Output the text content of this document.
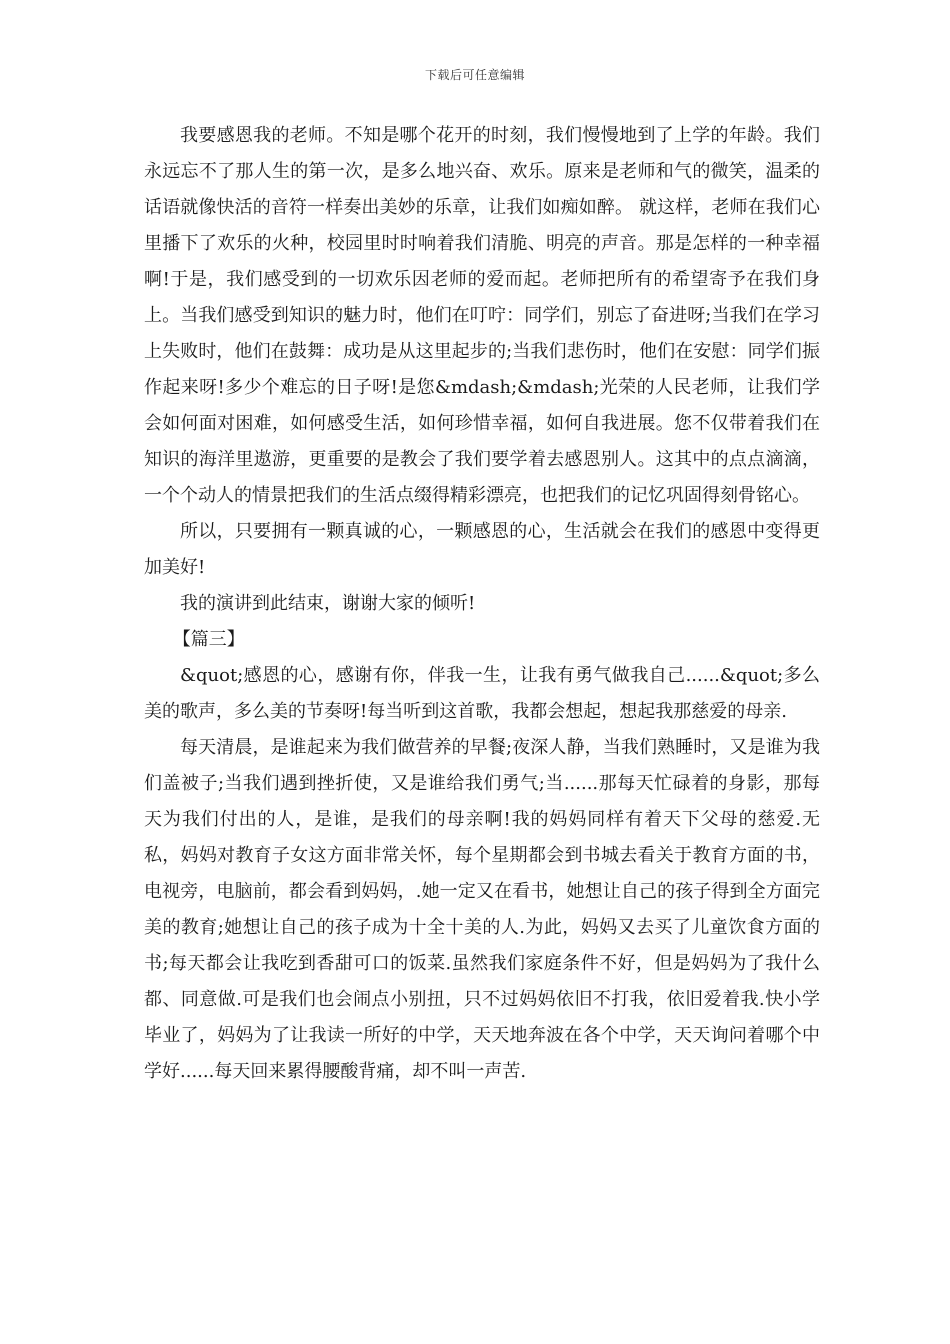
下载后可任意编辑

我要感恩我的老师。不知是哪个花开的时刻，我们慢慢地到了上学的年龄。我们永远忘不了那人生的第一次，是多么地兴奋、欢乐。原来是老师和气的微笑，温柔的话语就像快活的音符一样奏出美妙的乐章，让我们如痴如醉。 就这样，老师在我们心里播下了欢乐的火种，校园里时时响着我们清脆、明亮的声音。那是怎样的一种幸福啊!于是，我们感受到的一切欢乐因老师的爱而起。老师把所有的希望寄予在我们身上。当我们感受到知识的魅力时，他们在叮咛：同学们，别忘了奋进呀;当我们在学习上失败时，他们在鼓舞：成功是从这里起步的;当我们悲伤时，他们在安慰：同学们振作起来呀!多少个难忘的日子呀!是您&mdash;&mdash;光荣的人民老师，让我们学会如何面对困难，如何感受生活，如何珍惜幸福，如何自我进展。您不仅带着我们在知识的海洋里遨游，更重要的是教会了我们要学着去感恩别人。这其中的点点滴滴，一个个动人的情景把我们的生活点缀得精彩漂亮，也把我们的记忆巩固得刻骨铭心。

所以，只要拥有一颗真诚的心，一颗感恩的心，生活就会在我们的感恩中变得更加美好!

我的演讲到此结束，谢谢大家的倾听!

【篇三】

&quot;感恩的心，感谢有你，伴我一生，让我有勇气做我自己......&quot;多么美的歌声，多么美的节奏呀!每当听到这首歌，我都会想起，想起我那慈爱的母亲.

每天清晨，是谁起来为我们做营养的早餐;夜深人静，当我们熟睡时，又是谁为我们盖被子;当我们遇到挫折使，又是谁给我们勇气;当......那每天忙碌着的身影，那每天为我们付出的人，是谁，是我们的母亲啊!我的妈妈同样有着天下父母的慈爱.无私，妈妈对教育子女这方面非常关怀，每个星期都会到书城去看关于教育方面的书，电视旁，电脑前，都会看到妈妈，.她一定又在看书，她想让自己的孩子得到全方面完美的教育;她想让自己的孩子成为十全十美的人.为此，妈妈又去买了儿童饮食方面的书;每天都会让我吃到香甜可口的饭菜.虽然我们家庭条件不好，但是妈妈为了我什么都、同意做.可是我们也会闹点小别扭，只不过妈妈依旧不打我，依旧爱着我.快小学毕业了，妈妈为了让我读一所好的中学，天天地奔波在各个中学，天天询问着哪个中学好......每天回来累得腰酸背痛，却不叫一声苦.
